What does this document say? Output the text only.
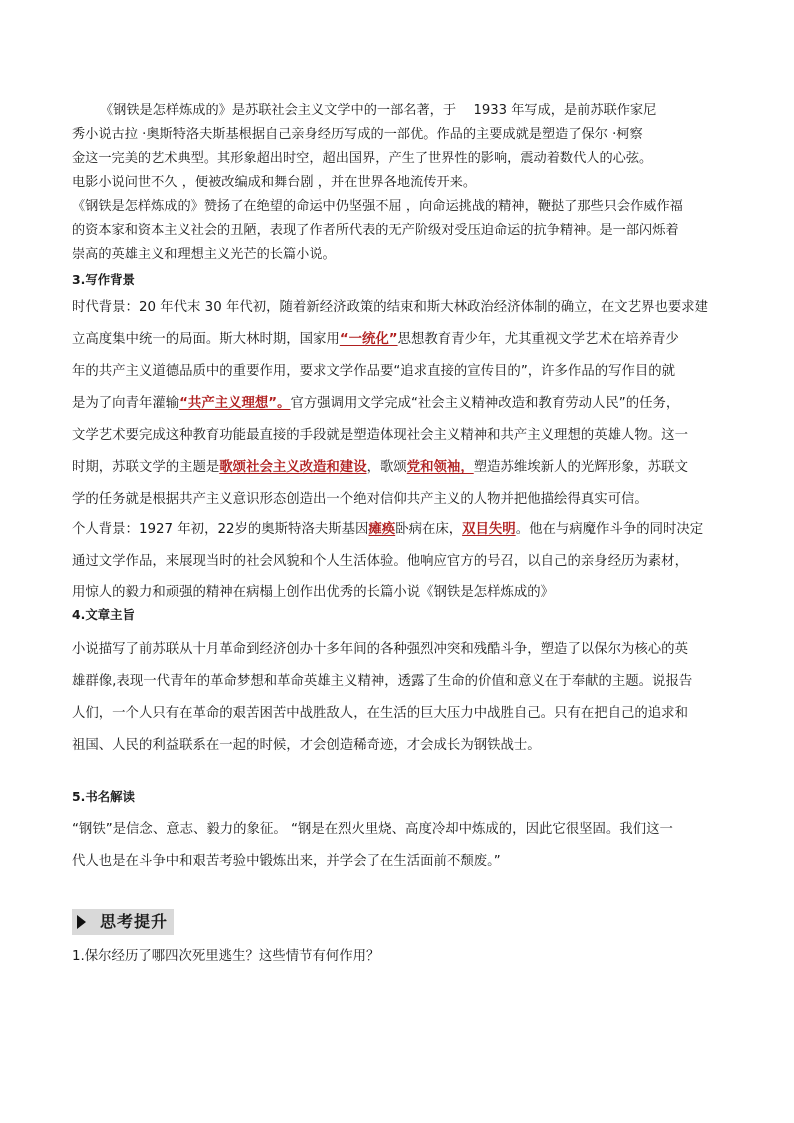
《钢铁是怎样炼成的》是苏联社会主义文学中的一部名著，于　 1933 年写成，是前苏联作家尼
秀小说古拉 ·奥斯特洛夫斯基根据自己亲身经历写成的一部优。作品的主要成就是塑造了保尔 ·柯察
金这一完美的艺术典型。其形象超出时空，超出国界，产生了世界性的影响，震动着数代人的心弦。
电影小说问世不久 ，便被改编成和舞台剧 ，并在世界各地流传开来。
《钢铁是怎样炼成的》赞扬了在绝望的命运中仍坚强不屈 ，向命运挑战的精神，鞭挞了那些只会作威作福
的资本家和资本主义社会的丑陋，表现了作者所代表的无产阶级对受压迫命运的抗争精神。是一部闪烁着
崇高的英雄主义和理想主义光芒的长篇小说。
3.写作背景
时代背景：20 年代末 30 年代初，随着新经济政策的结束和斯大林政治经济体制的确立，在文艺界也要求建
立高度集中统一的局面。斯大林时期，国家用“一统化”思想教育青少年，尤其重视文学艺术在培养青少
年的共产主义道德品质中的重要作用，要求文学作品要“追求直接的宣传目的”，许多作品的写作目的就
是为了向青年灌输“共产主义理想”。官方强调用文学完成“社会主义精神改造和教育劳动人民”的任务，
文学艺术要完成这种教育功能最直接的手段就是塑造体现社会主义精神和共产主义理想的英雄人物。这一
时期，苏联文学的主题是歌颂社会主义改造和建设，歌颂党和领袖，塑造苏维埃新人的光辉形象，苏联文
学的任务就是根据共产主义意识形态创造出一个绝对信仰共产主义的人物并把他描绘得真实可信。
个人背景：1927 年初，22岁的奥斯特洛夫斯基因瘫痪卧病在床，双目失明。他在与病魔作斗争的同时决定
通过文学作品，来展现当时的社会风貌和个人生活体验。他响应官方的号召，以自己的亲身经历为素材，
用惊人的毅力和顽强的精神在病榻上创作出优秀的长篇小说《钢铁是怎样炼成的》
4.文章主旨
小说描写了前苏联从十月革命到经济创办十多年间的各种强烈冲突和残酷斗争，塑造了以保尔为核心的英
雄群像,表现一代青年的革命梦想和革命英雄主义精神，透露了生命的价值和意义在于奉献的主题。说报告
人们，一个人只有在革命的艰苦困苦中战胜敌人，在生活的巨大压力中战胜自己。只有在把自己的追求和
祖国、人民的利益联系在一起的时候，才会创造稀奇迹，才会成长为钢铁战士。
5.书名解读
“钢铁”是信念、意志、毅力的象征。 “钢是在烈火里烧、高度冷却中炼成的，因此它很坚固。我们这一
代人也是在斗争中和艰苦考验中锻炼出来，并学会了在生活面前不颓废。”
思考提升
1.保尔经历了哪四次死里逃生？这些情节有何作用？
